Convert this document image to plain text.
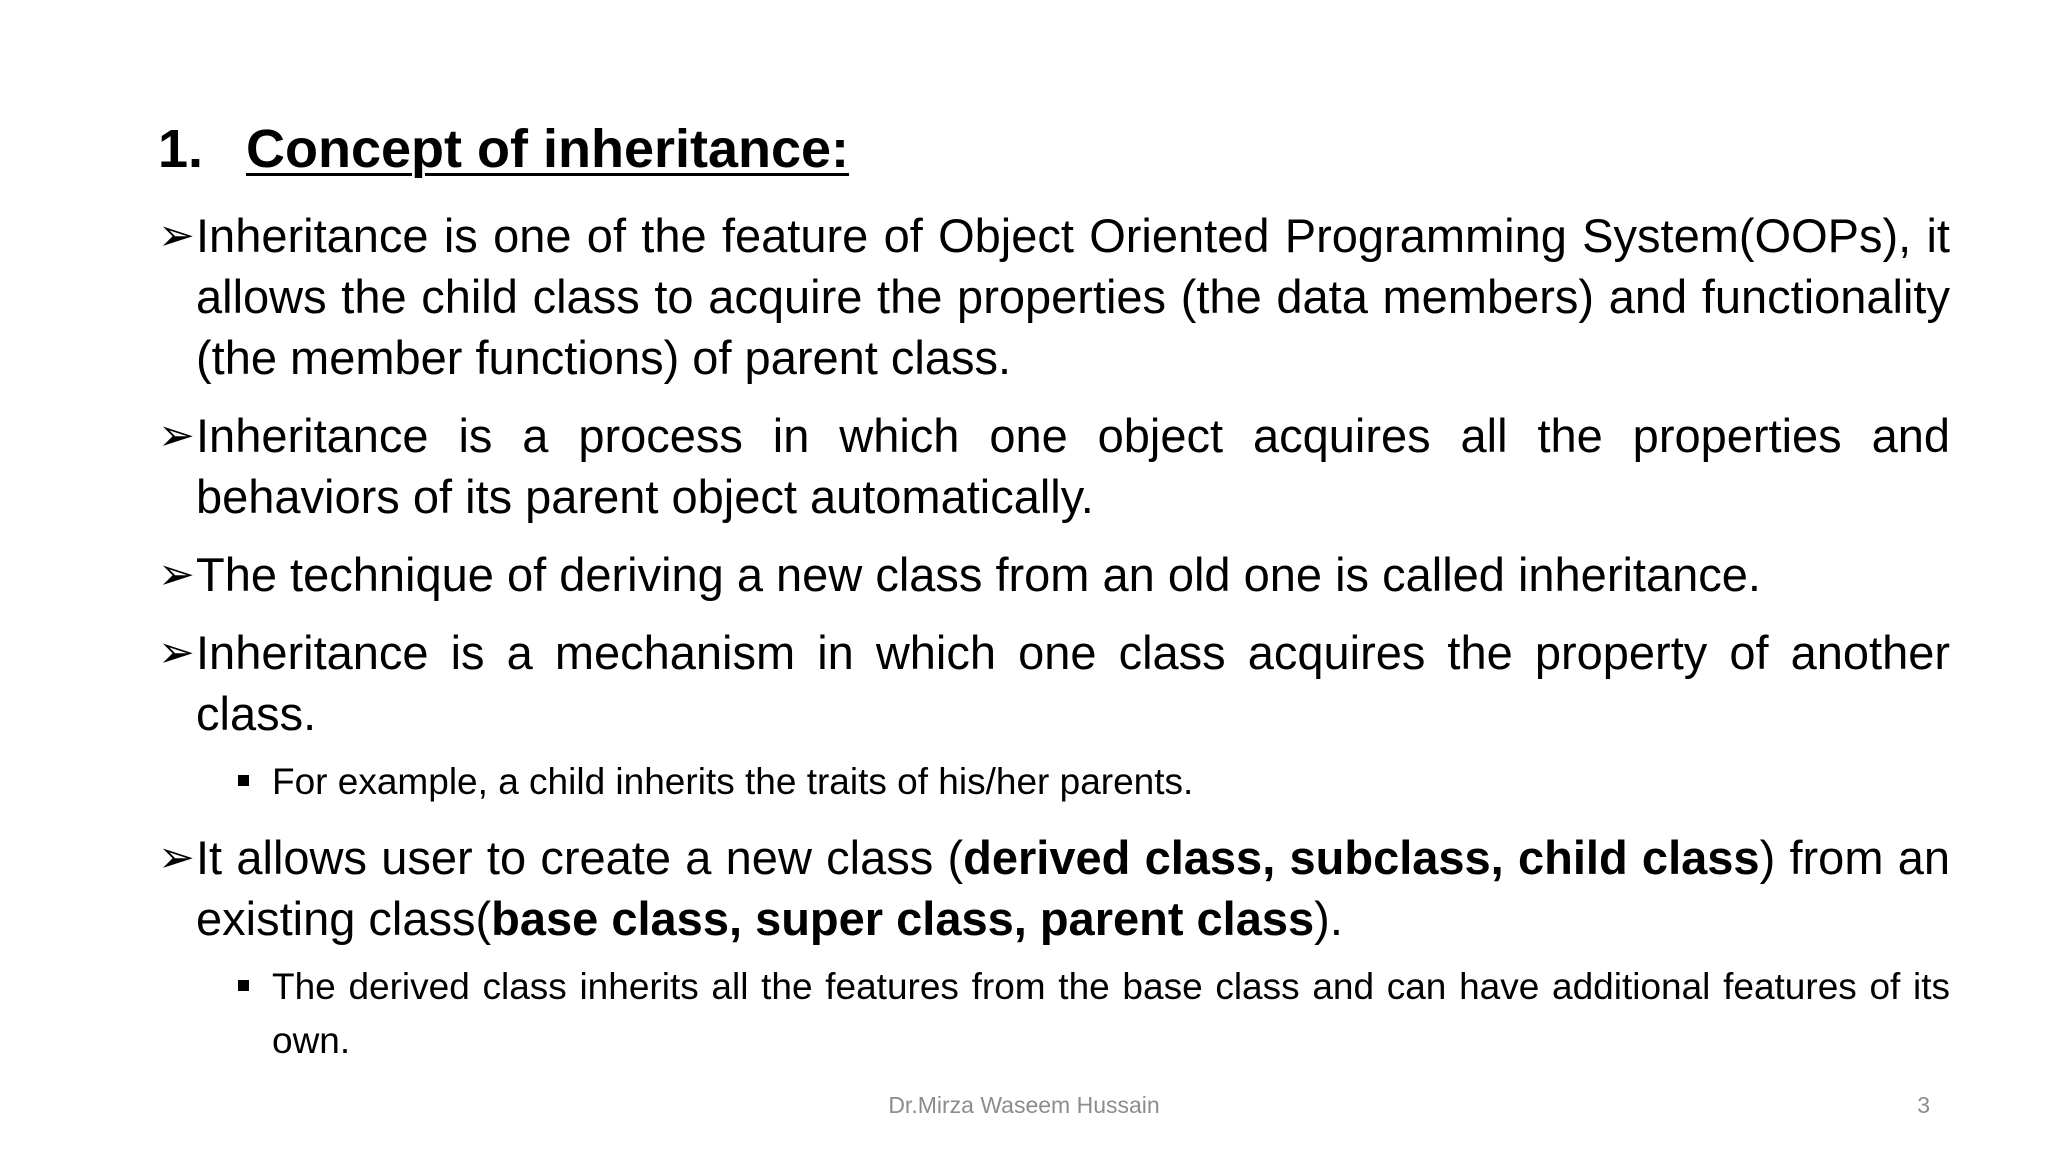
1. Concept of inheritance:

➢ Inheritance is one of the feature of Object Oriented Programming System(OOPs), it allows the child class to acquire the properties (the data members) and functionality (the member functions) of parent class.

➢ Inheritance is a process in which one object acquires all the properties and behaviors of its parent object automatically.

➢ The technique of deriving a new class from an old one is called inheritance.

➢ Inheritance is a mechanism in which one class acquires the property of another class.

For example, a child inherits the traits of his/her parents.

➢ It allows user to create a new class (derived class, subclass, child class) from an existing class(base class, super class, parent class).

The derived class inherits all the features from the base class and can have additional features of its own.

Dr.Mirza Waseem Hussain	3
